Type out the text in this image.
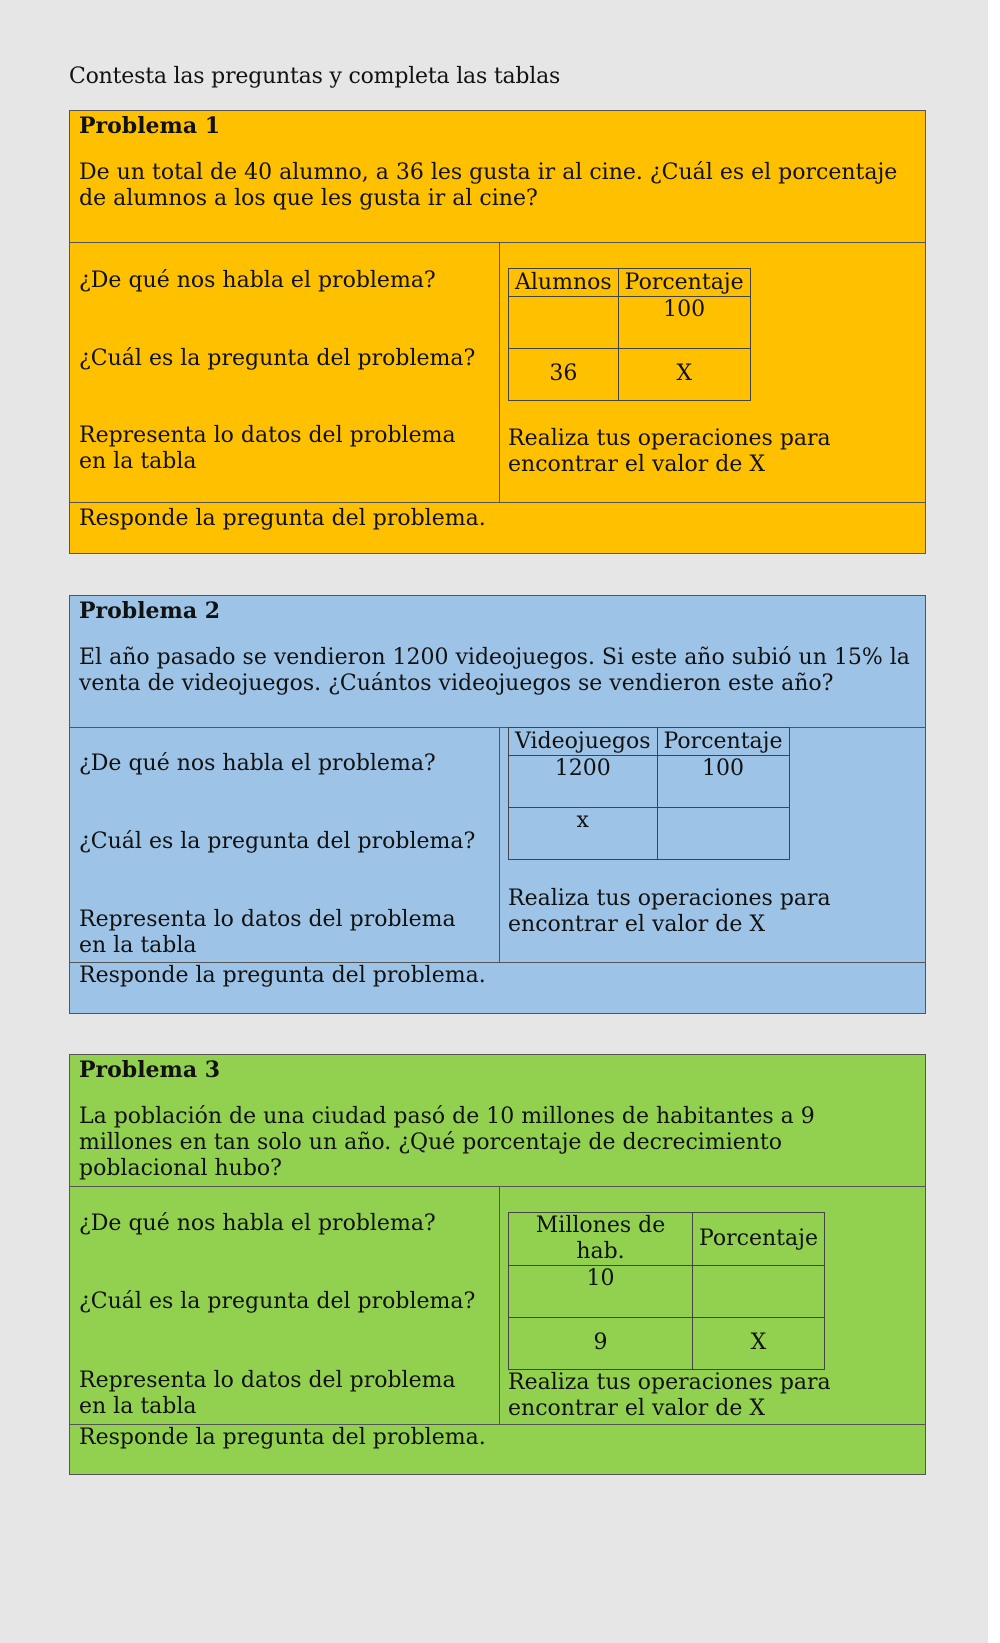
Contesta las preguntas y completa las tablas
Problema 1
De un total de 40 alumno, a 36 les gusta ir al cine. ¿Cuál es el porcentaje de alumnos a los que les gusta ir al cine?
¿De qué nos habla el problema?
¿Cuál es la pregunta del problema?
Representa lo datos del problema en la tabla
Alumnos	Porcentaje
	100
36	X
Realiza tus operaciones para encontrar el valor de X
Responde la pregunta del problema.
Problema 2
El año pasado se vendieron 1200 videojuegos. Si este año subió un 15% la venta de videojuegos. ¿Cuántos videojuegos se vendieron este año?
¿De qué nos habla el problema?
¿Cuál es la pregunta del problema?
Representa lo datos del problema en la tabla
Videojuegos	Porcentaje
1200	100
x	
Realiza tus operaciones para encontrar el valor de X
Responde la pregunta del problema.
Problema 3
La población de una ciudad pasó de 10 millones de habitantes a 9 millones en tan solo un año. ¿Qué porcentaje de decrecimiento poblacional hubo?
¿De qué nos habla el problema?
¿Cuál es la pregunta del problema?
Representa lo datos del problema en la tabla
Millones de hab.	Porcentaje
10	
9	X
Realiza tus operaciones para encontrar el valor de X
Responde la pregunta del problema.
